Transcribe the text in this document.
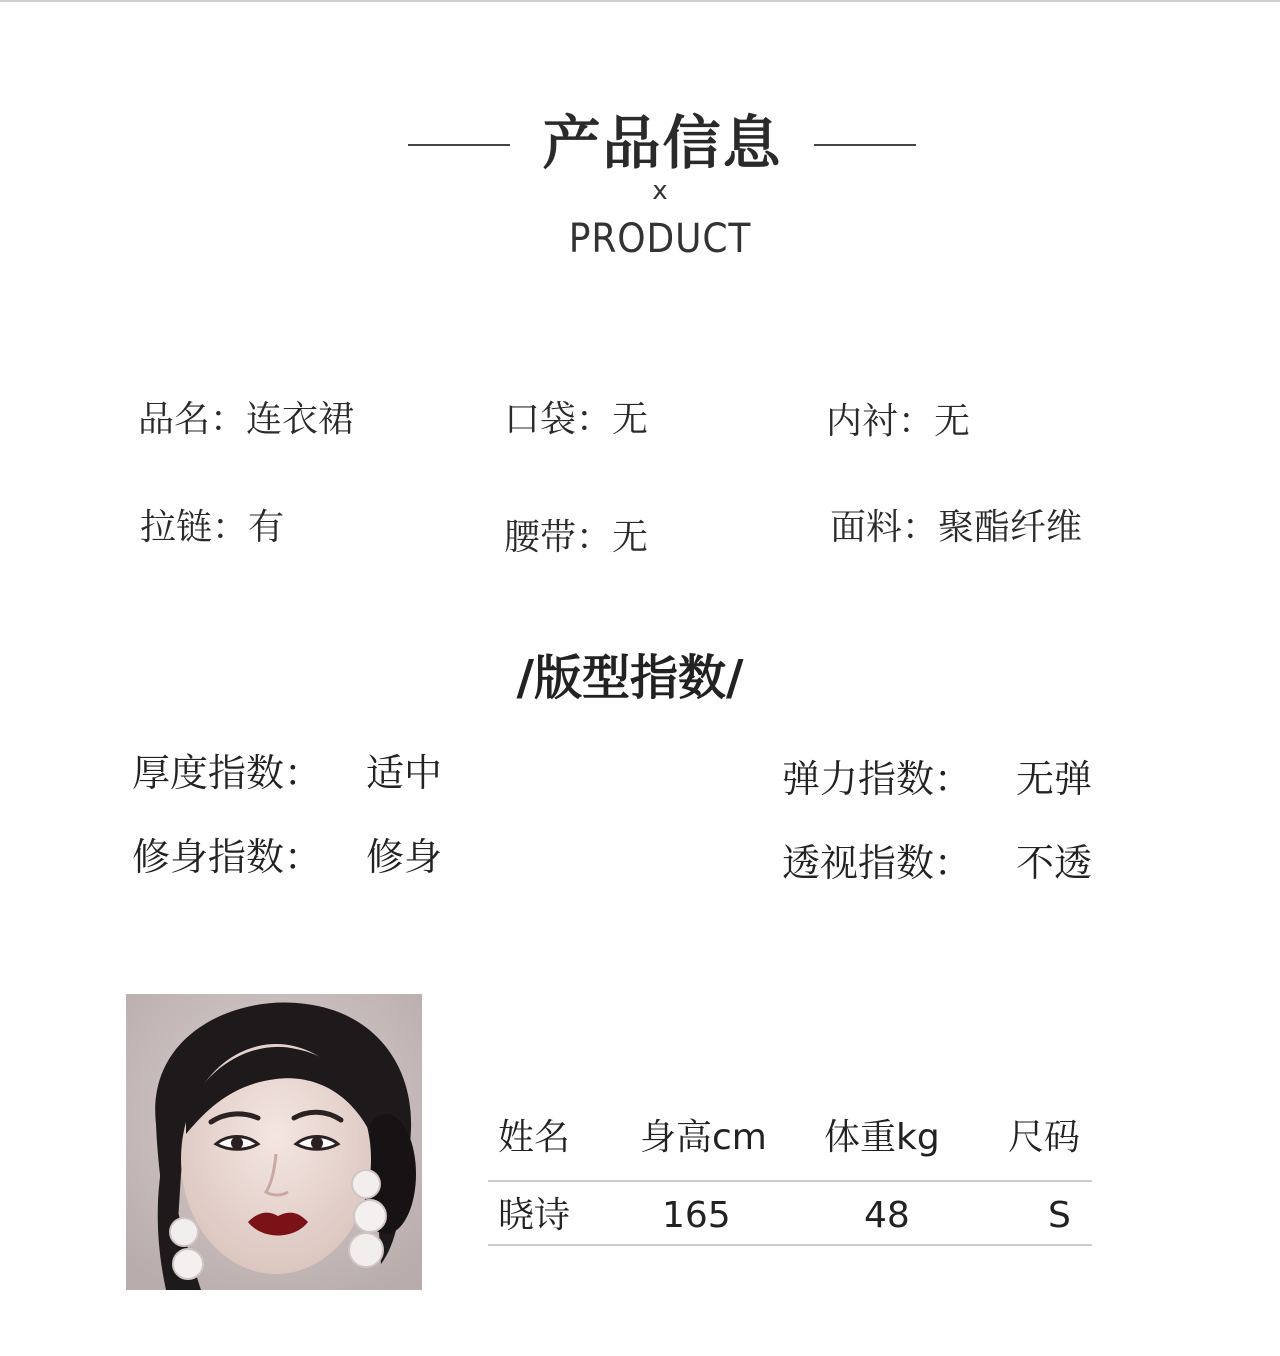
产品信息
x
PRODUCT
品名：连衣裙	口袋：无	内衬：无
拉链：有	腰带：无	面料：聚酯纤维
/版型指数/
厚度指数： 适中	弹力指数： 无弹
修身指数： 修身	透视指数： 不透
姓名 身高cm 体重kg 尺码
晓诗	165	48	S
